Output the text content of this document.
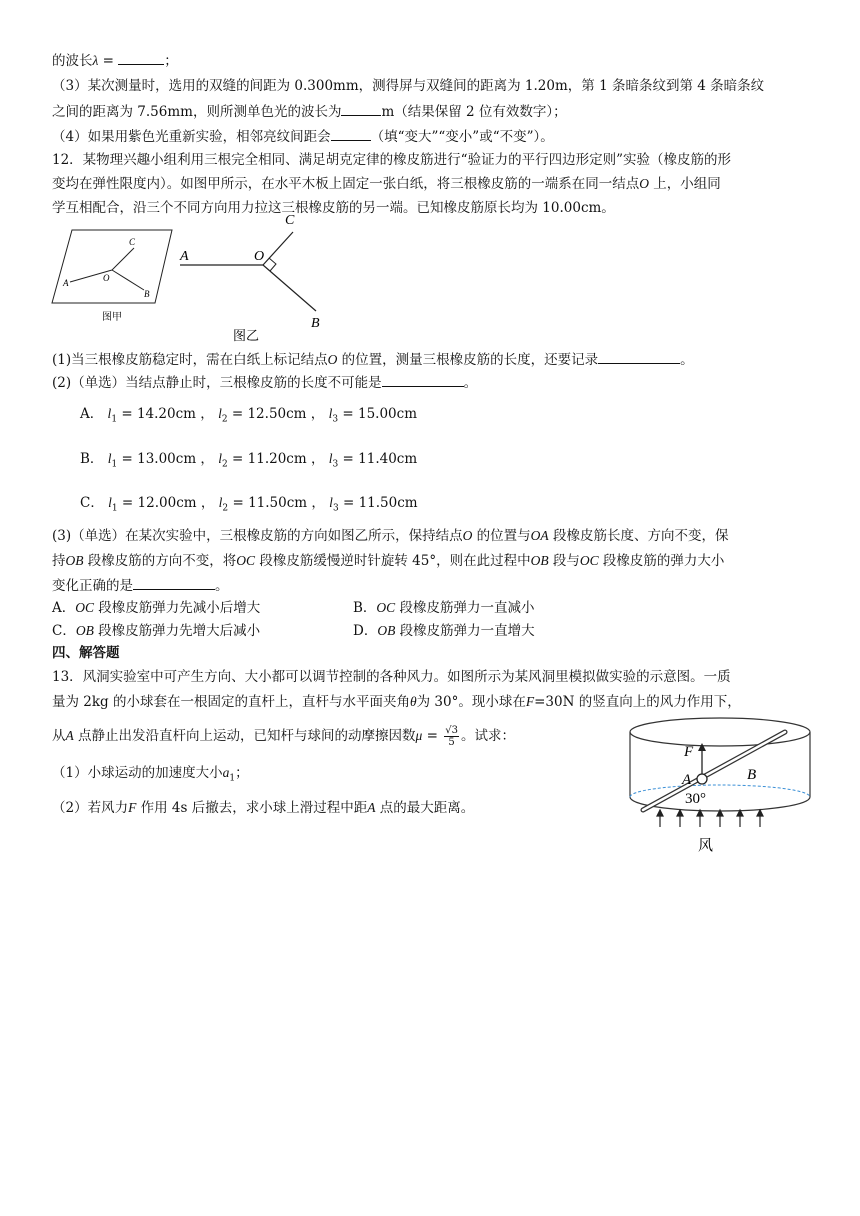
的波长λ =	；
（3）某次测量时，选用的双缝的间距为 0.300mm，测得屏与双缝间的距离为 1.20m，第 1 条暗条纹到第 4 条暗条纹
之间的距离为 7.56mm，则所测单色光的波长为	m（结果保留 2 位有效数字）；
（4）如果用紫色光重新实验，相邻亮纹间距会	（填“变大”“变小”或“不变”）。
12．某物理兴趣小组利用三根完全相同、满足胡克定律的橡皮筋进行“验证力的平行四边形定则”实验（橡皮筋的形
变均在弹性限度内）。如图甲所示，在水平木板上固定一张白纸，将三根橡皮筋的一端系在同一结点O 上，小组同
学互相配合，沿三个不同方向用力拉这三根橡皮筋的另一端。已知橡皮筋原长均为 10.00cm。
A	O
C
B
图甲
A	O
C
B
图乙
(1)当三根橡皮筋稳定时，需在白纸上标记结点O 的位置，测量三根橡皮筋的长度，还要记录	。
(2)（单选）当结点静止时，三根橡皮筋的长度不可能是	。
A． $l_1 = 14.20cm$ ， $l_2 = 12.50cm$ ， $l_3 = 15.00cm$
B． $l_1 = 13.00cm$ ， $l_2 = 11.20cm$ ， $l_3 = 11.40cm$
C． $l_1 = 12.00cm$ ， $l_2 = 11.50cm$ ， $l_3 = 11.50cm$
(3)（单选）在某次实验中，三根橡皮筋的方向如图乙所示，保持结点O 的位置与OA 段橡皮筋长度、方向不变，保
持OB 段橡皮筋的方向不变，将OC 段橡皮筋缓慢逆时针旋转 45°，则在此过程中OB 段与OC 段橡皮筋的弹力大小
变化正确的是	。
A．OC 段橡皮筋弹力先减小后增大	B．OC 段橡皮筋弹力一直减小
C．OB 段橡皮筋弹力先增大后减小	D．OB 段橡皮筋弹力一直增大
四、解答题
13．风洞实验室中可产生方向、大小都可以调节控制的各种风力。如图所示为某风洞里模拟做实验的示意图。一质
量为 2kg 的小球套在一根固定的直杆上，直杆与水平面夹角θ为 30°。现小球在F=30N 的竖直向上的风力作用下，
从A 点静止出发沿直杆向上运动，已知杆与球间的动摩擦因数$\mu = \frac{√3}{5}$ 。试求：
（1）小球运动的加速度大小$a_1$；
（2）若风力F 作用 4s 后撤去，求小球上滑过程中距A 点的最大距离。
F
A	B
30°
风
